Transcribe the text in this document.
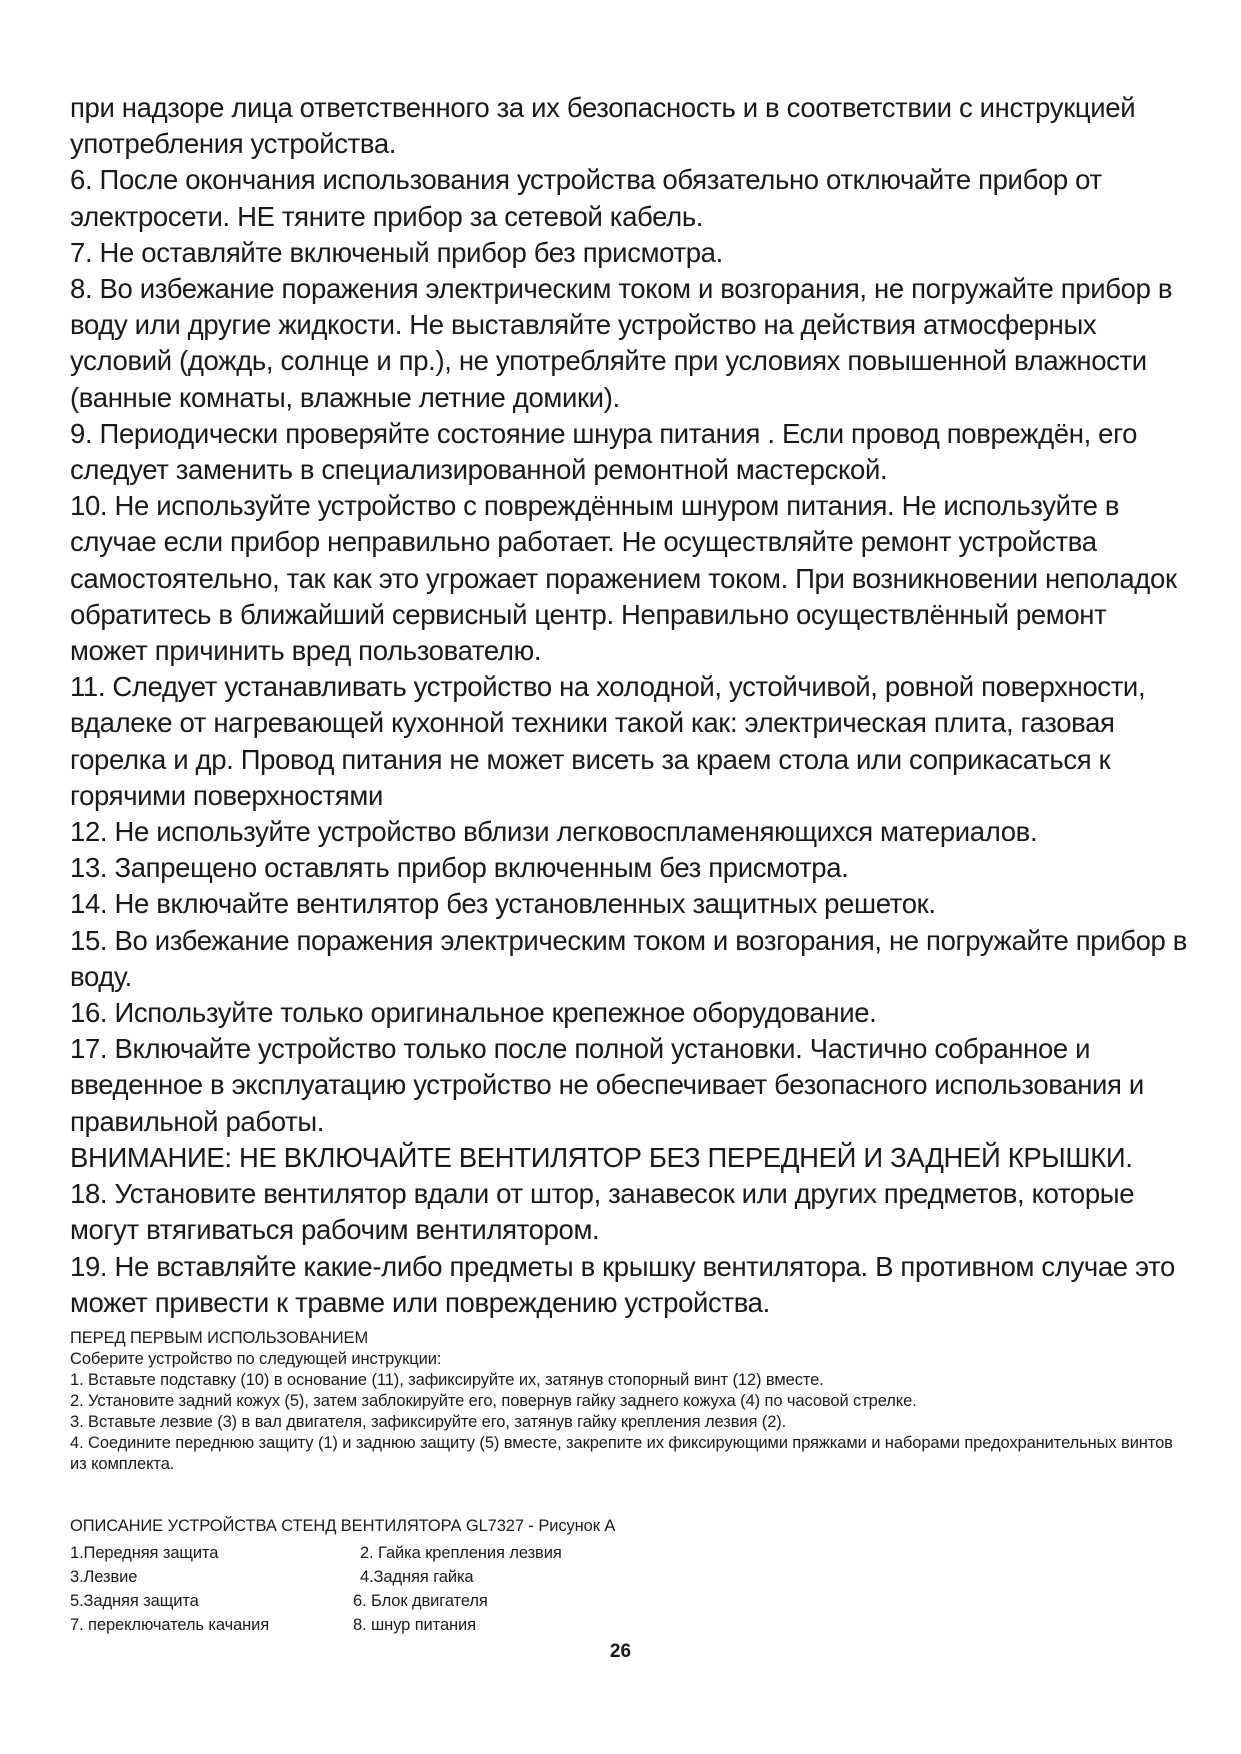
при надзоре лица ответственного за их безопасность и в соответствии с инструкцией употребления устройства.

6. После окончания использования устройства обязательно отключайте прибор от электросети. НЕ тяните прибор за сетевой кабель.

7. Не оставляйте включеный прибор без присмотра.

8. Во избежание поражения электрическим током и возгорания, не погружайте прибор в воду или другие жидкости. Не выставляйте устройство на действия атмосферных условий (дождь, солнце и пр.), не употребляйте при условиях повышенной влажности (ванные комнаты, влажные летние домики).

9. Периодически проверяйте состояние шнура питания . Если провод повреждён, его следует заменить в специализированной ремонтной мастерской.

10. Не используйте устройство с повреждённым шнуром питания. Не используйте в случае если прибор неправильно работает. Не осуществляйте ремонт устройства самостоятельно, так как это угрожает поражением током. При возникновении неполадок обратитесь в ближайший сервисный центр. Неправильно осуществлённый ремонт может причинить вред пользователю.

11. Следует устанавливать устройство на холодной, устойчивой, ровной поверхности, вдалеке от нагревающей кухонной техники такой как: электрическая плита, газовая горелка и др. Провод питания не может висеть за краем стола или соприкасаться к горячими поверхностями

12. Не используйте устройство вблизи легковоспламеняющихся материалов.

13. Запрещено оставлять прибор включенным без присмотра.

14. Не включайте вентилятор без установленных защитных решеток.

15. Во избежание поражения электрическим током и возгорания, не погружайте прибор в воду.

16. Используйте только оригинальное крепежное оборудование.

17. Включайте устройство только после полной установки. Частично собранное и введенное в эксплуатацию устройство не обеспечивает безопасного использования и правильной работы.

ВНИМАНИЕ: НЕ ВКЛЮЧАЙТЕ ВЕНТИЛЯТОР БЕЗ ПЕРЕДНЕЙ И ЗАДНЕЙ КРЫШКИ.

18. Установите вентилятор вдали от штор, занавесок или других предметов, которые могут втягиваться рабочим вентилятором.

19. Не вставляйте какие-либо предметы в крышку вентилятора. В противном случае это может привести к травме или повреждению устройства.

ПЕРЕД ПЕРВЫМ ИСПОЛЬЗОВАНИЕМ

Соберите устройство по следующей инструкции:

1. Вставьте подставку (10) в основание (11), зафиксируйте их, затянув стопорный винт (12) вместе.

2. Установите задний кожух (5), затем заблокируйте его, повернув гайку заднего кожуха (4) по часовой стрелке.

3. Вставьте лезвие (3) в вал двигателя, зафиксируйте его, затянув гайку крепления лезвия (2).

4. Соедините переднюю защиту (1) и заднюю защиту (5) вместе, закрепите их фиксирующими пряжками и наборами предохранительных винтов из комплекта.

ОПИСАНИЕ УСТРОЙСТВА СТЕНД ВЕНТИЛЯТОРА GL7327 - Рисунок А

1.Передняя защита	2. Гайка крепления лезвия
3.Лезвие	4.Задняя гайка
5.Задняя защита	6. Блок двигателя
7. переключатель качания	8. шнур питания
26
